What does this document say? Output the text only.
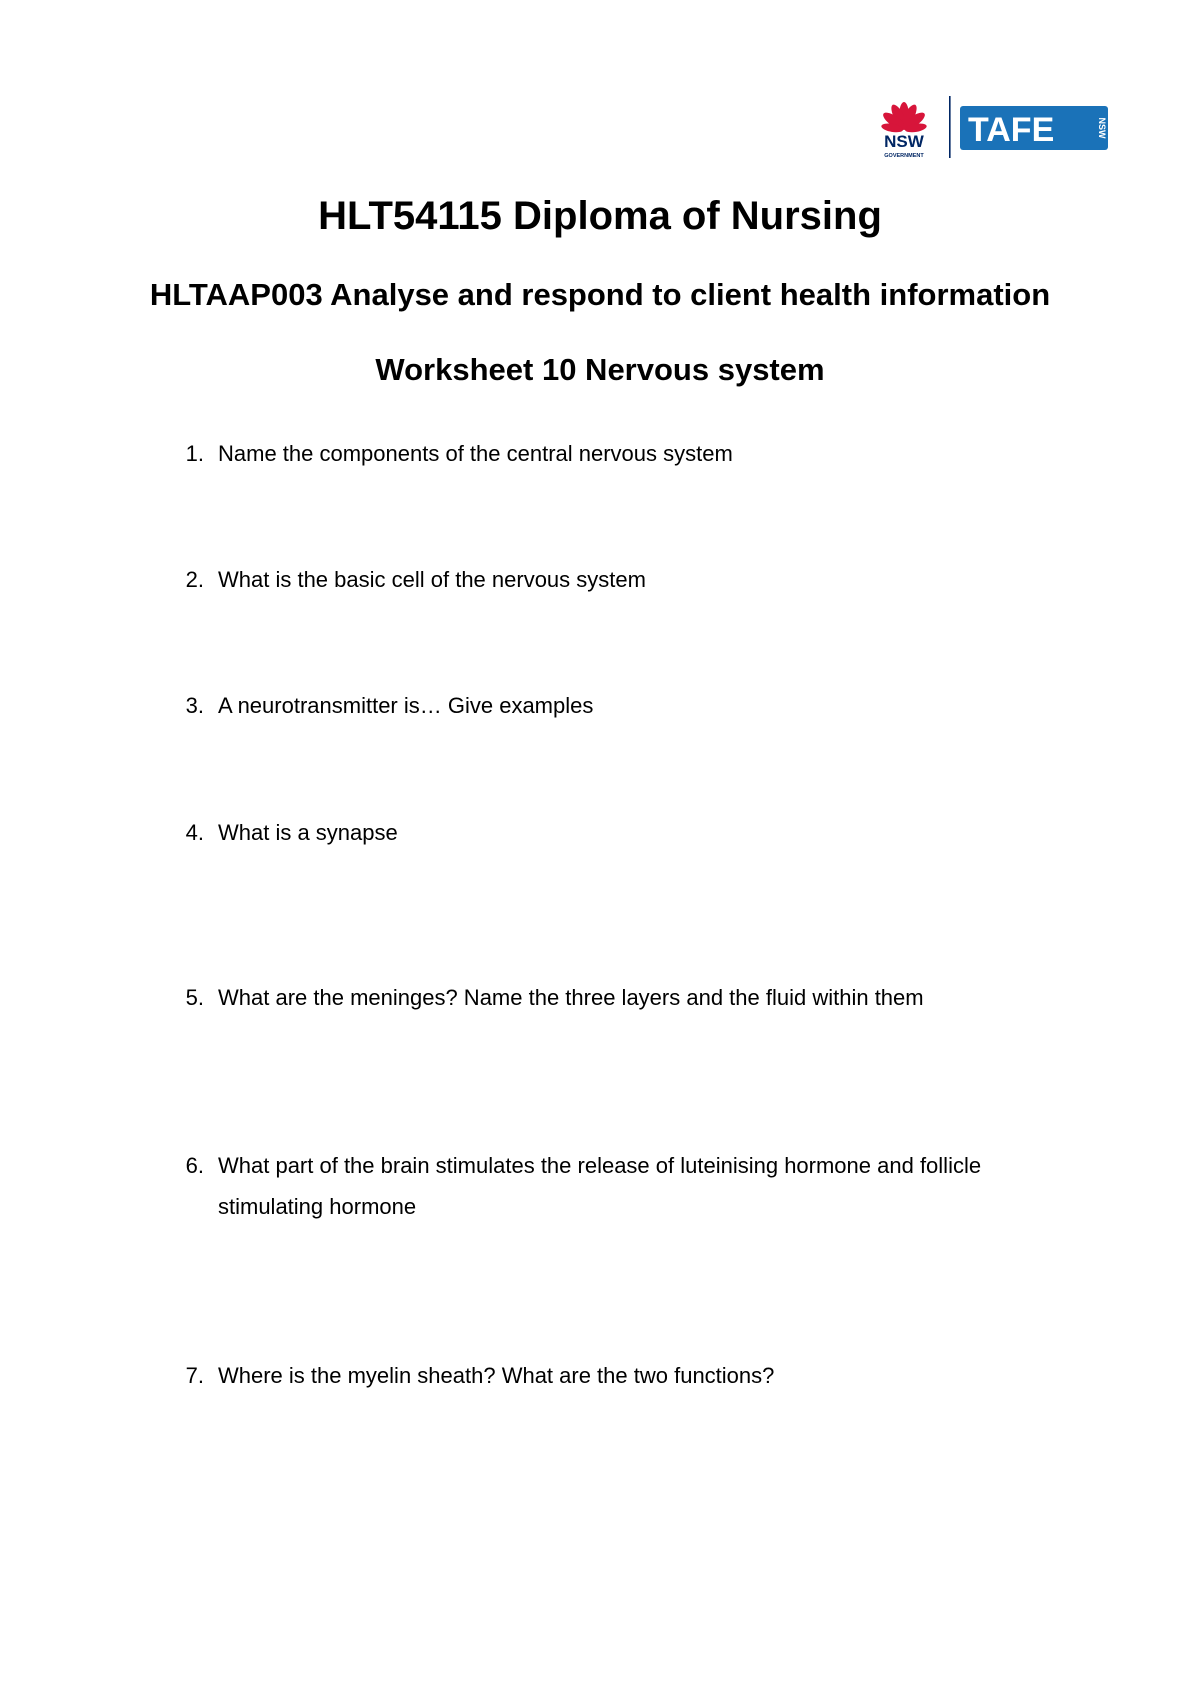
NSW
GOVERNMENT
TAFE	NSW
HLT54115 Diploma of Nursing
HLTAAP003 Analyse and respond to client health information
Worksheet 10 Nervous system
1. Name the components of the central nervous system
2. What is the basic cell of the nervous system
3. A neurotransmitter is… Give examples
4. What is a synapse
5. What are the meninges? Name the three layers and the fluid within them
6. What part of the brain stimulates the release of luteinising hormone and follicle stimulating hormone
7. Where is the myelin sheath? What are the two functions?
